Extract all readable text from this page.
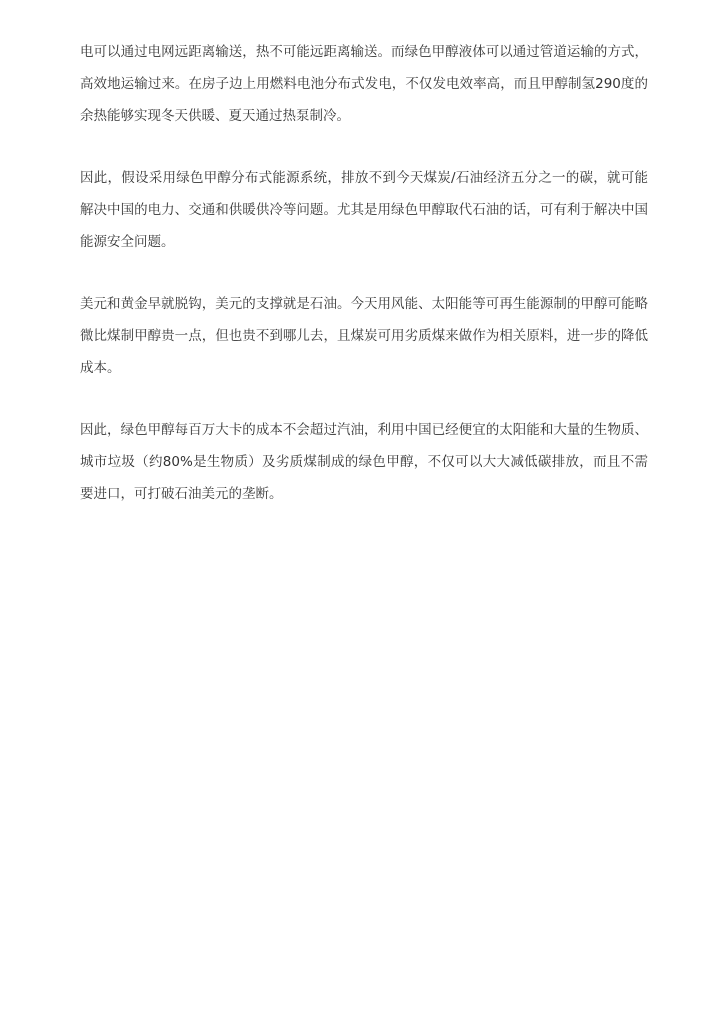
电可以通过电网远距离输送，热不可能远距离输送。而绿色甲醇液体可以通过管道运输的方式，高效地运输过来。在房子边上用燃料电池分布式发电，不仅发电效率高，而且甲醇制氢290度的余热能够实现冬天供暖、夏天通过热泵制冷。

因此，假设采用绿色甲醇分布式能源系统，排放不到今天煤炭/石油经济五分之一的碳，就可能解决中国的电力、交通和供暖供冷等问题。尤其是用绿色甲醇取代石油的话，可有利于解决中国能源安全问题。

美元和黄金早就脱钩，美元的支撑就是石油。今天用风能、太阳能等可再生能源制的甲醇可能略微比煤制甲醇贵一点，但也贵不到哪儿去，且煤炭可用劣质煤来做作为相关原料，进一步的降低成本。

因此，绿色甲醇每百万大卡的成本不会超过汽油，利用中国已经便宜的太阳能和大量的生物质、城市垃圾（约80%是生物质）及劣质煤制成的绿色甲醇，不仅可以大大减低碳排放，而且不需要进口，可打破石油美元的垄断。
